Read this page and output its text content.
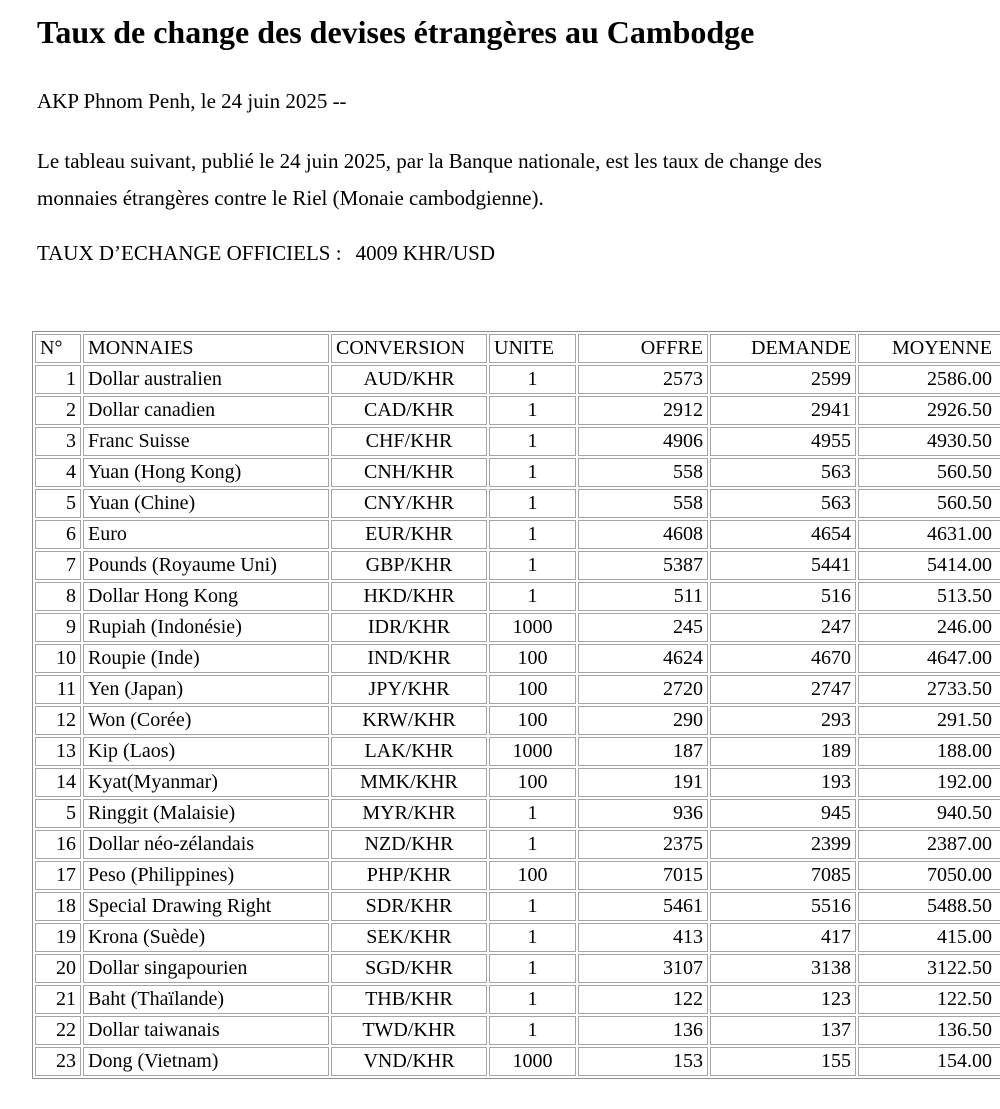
Taux de change des devises étrangères au Cambodge

AKP Phnom Penh, le 24 juin 2025 --

Le tableau suivant, publié le 24 juin 2025, par la Banque nationale, est les taux de change des
monnaies étrangères contre le Riel (Monaie cambodgienne).

TAUX D’ECHANGE OFFICIELS : 4009 KHR/USD

N°	MONNAIES	CONVERSION	UNITE	OFFRE	DEMANDE	MOYENNE
1	Dollar australien	AUD/KHR	1	2573	2599	2586.00
2	Dollar canadien	CAD/KHR	1	2912	2941	2926.50
3	Franc Suisse	CHF/KHR	1	4906	4955	4930.50
4	Yuan (Hong Kong)	CNH/KHR	1	558	563	560.50
5	Yuan (Chine)	CNY/KHR	1	558	563	560.50
6	Euro	EUR/KHR	1	4608	4654	4631.00
7	Pounds (Royaume Uni)	GBP/KHR	1	5387	5441	5414.00
8	Dollar Hong Kong	HKD/KHR	1	511	516	513.50
9	Rupiah (Indonésie)	IDR/KHR	1000	245	247	246.00
10	Roupie (Inde)	IND/KHR	100	4624	4670	4647.00
11	Yen (Japan)	JPY/KHR	100	2720	2747	2733.50
12	Won (Corée)	KRW/KHR	100	290	293	291.50
13	Kip (Laos)	LAK/KHR	1000	187	189	188.00
14	Kyat(Myanmar)	MMK/KHR	100	191	193	192.00
5	Ringgit (Malaisie)	MYR/KHR	1	936	945	940.50
16	Dollar néo-zélandais	NZD/KHR	1	2375	2399	2387.00
17	Peso (Philippines)	PHP/KHR	100	7015	7085	7050.00
18	Special Drawing Right	SDR/KHR	1	5461	5516	5488.50
19	Krona (Suède)	SEK/KHR	1	413	417	415.00
20	Dollar singapourien	SGD/KHR	1	3107	3138	3122.50
21	Baht (Thaïlande)	THB/KHR	1	122	123	122.50
22	Dollar taiwanais	TWD/KHR	1	136	137	136.50
23	Dong (Vietnam)	VND/KHR	1000	153	155	154.00
